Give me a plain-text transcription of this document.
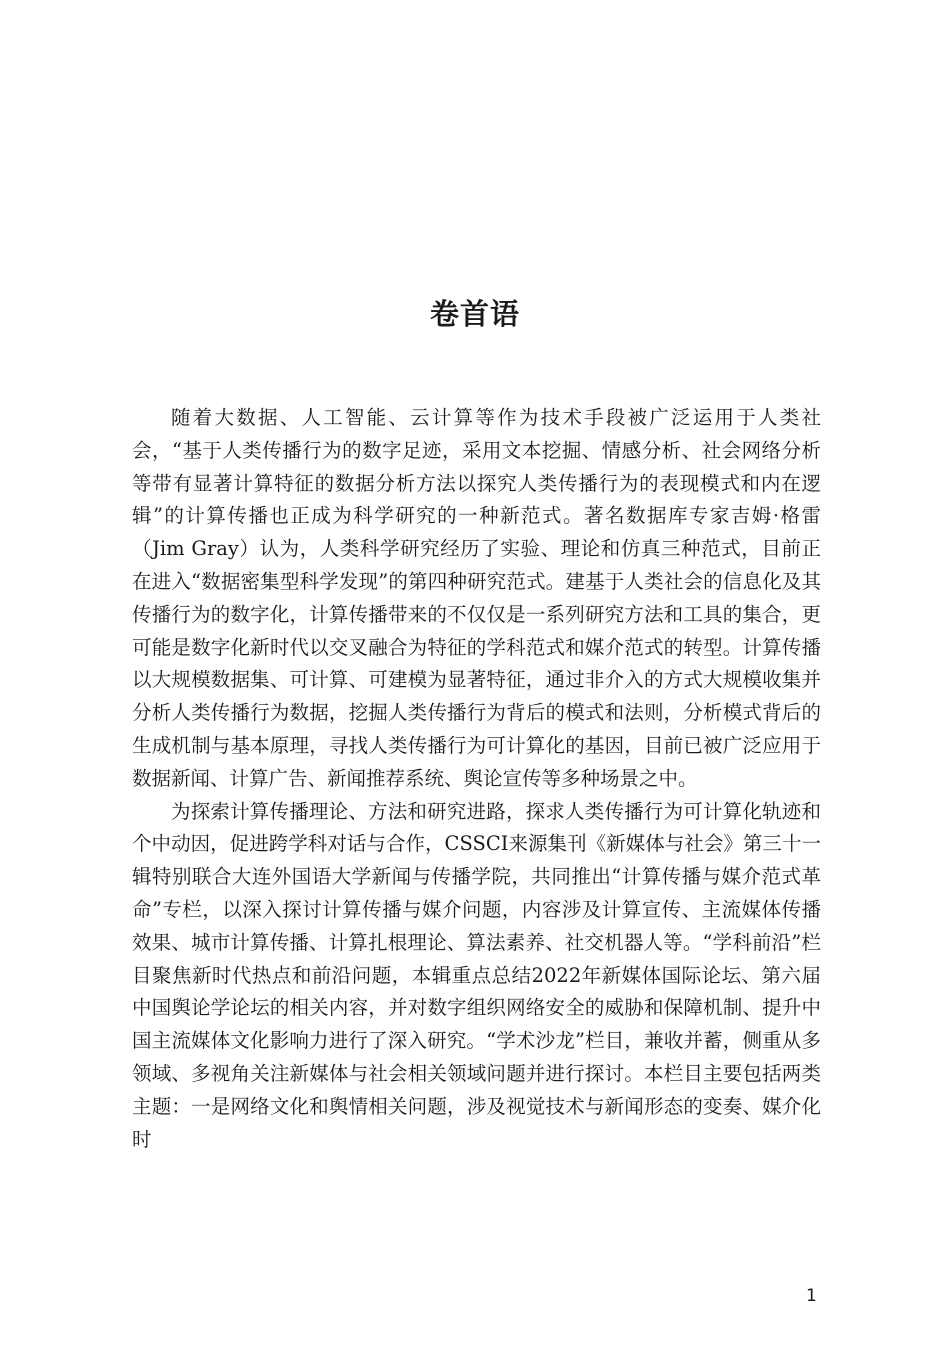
卷首语

随着大数据、人工智能、云计算等作为技术手段被广泛运用于人类社会，“基于人类传播行为的数字足迹，采用文本挖掘、情感分析、社会网络分析等带有显著计算特征的数据分析方法以探究人类传播行为的表现模式和内在逻辑”的计算传播也正成为科学研究的一种新范式。著名数据库专家吉姆·格雷（Jim Gray）认为，人类科学研究经历了实验、理论和仿真三种范式，目前正在进入“数据密集型科学发现”的第四种研究范式。建基于人类社会的信息化及其传播行为的数字化，计算传播带来的不仅仅是一系列研究方法和工具的集合，更可能是数字化新时代以交叉融合为特征的学科范式和媒介范式的转型。计算传播以大规模数据集、可计算、可建模为显著特征，通过非介入的方式大规模收集并分析人类传播行为数据，挖掘人类传播行为背后的模式和法则，分析模式背后的生成机制与基本原理，寻找人类传播行为可计算化的基因，目前已被广泛应用于数据新闻、计算广告、新闻推荐系统、舆论宣传等多种场景之中。

为探索计算传播理论、方法和研究进路，探求人类传播行为可计算化轨迹和个中动因，促进跨学科对话与合作，CSSCI来源集刊《新媒体与社会》第三十一辑特别联合大连外国语大学新闻与传播学院，共同推出“计算传播与媒介范式革命”专栏，以深入探讨计算传播与媒介问题，内容涉及计算宣传、主流媒体传播效果、城市计算传播、计算扎根理论、算法素养、社交机器人等。“学科前沿”栏目聚焦新时代热点和前沿问题，本辑重点总结2022年新媒体国际论坛、第六届中国舆论学论坛的相关内容，并对数字组织网络安全的威胁和保障机制、提升中国主流媒体文化影响力进行了深入研究。“学术沙龙”栏目，兼收并蓄，侧重从多领域、多视角关注新媒体与社会相关领域问题并进行探讨。本栏目主要包括两类主题：一是网络文化和舆情相关问题，涉及视觉技术与新闻形态的变奏、媒介化时

1
